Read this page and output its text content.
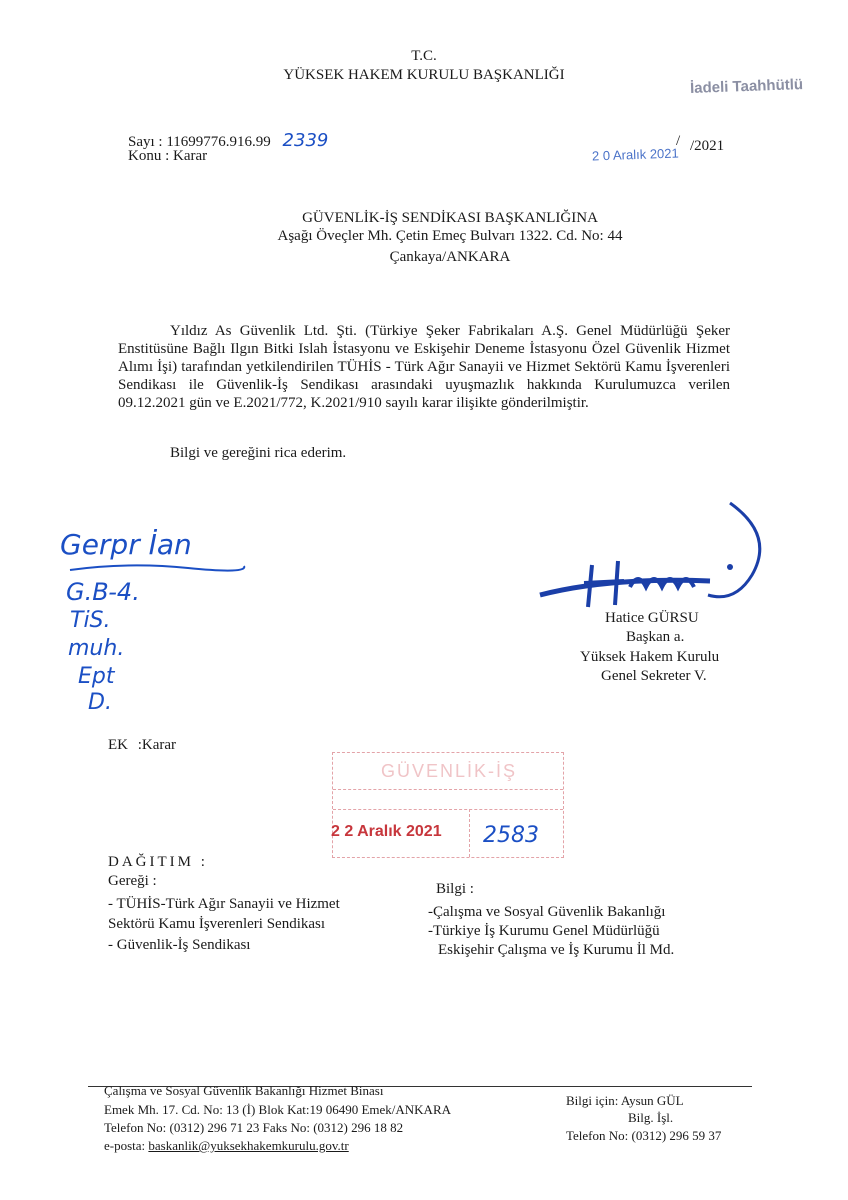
T.C.
YÜKSEK HAKEM KURULU BAŞKANLIĞI
İadeli Taahhütlü
Sayı : 11699776.916.99 2339
Konu : Karar	2 0 Aralık 2021
/ /2021
GÜVENLİK-İŞ SENDİKASI BAŞKANLIĞINA
Aşağı Öveçler Mh. Çetin Emeç Bulvarı 1322. Cd. No: 44
Çankaya/ANKARA
Yıldız As Güvenlik Ltd. Şti. (Türkiye Şeker Fabrikaları A.Ş. Genel Müdürlüğü Şeker Enstitüsüne Bağlı Ilgın Bitki Islah İstasyonu ve Eskişehir Deneme İstasyonu Özel Güvenlik Hizmet Alımı İşi) tarafından yetkilendirilen TÜHİS - Türk Ağır Sanayii ve Hizmet Sektörü Kamu İşverenleri Sendikası ile Güvenlik-İş Sendikası arasındaki uyuşmazlık hakkında Kurulumuzca verilen 09.12.2021 gün ve E.2021/772, K.2021/910 sayılı karar ilişikte gönderilmiştir.
Bilgi ve gereğini rica ederim.
Gerpr İan
G.B-4.
TiS.
muh.
Ept
D.
Hatice GÜRSU
Başkan a.
Yüksek Hakem Kurulu
Genel Sekreter V.
EK :Karar
GÜVENLİK-İŞ
2 2 Aralık 2021 2583
DAĞITIM :
Gereği :
- TÜHİS-Türk Ağır Sanayii ve Hizmet
Sektörü Kamu İşverenleri Sendikası
- Güvenlik-İş Sendikası
Bilgi :
-Çalışma ve Sosyal Güvenlik Bakanlığı
-Türkiye İş Kurumu Genel Müdürlüğü
Eskişehir Çalışma ve İş Kurumu İl Md.
Çalışma ve Sosyal Güvenlik Bakanlığı Hizmet Binası
Emek Mh. 17. Cd. No: 13 (İ) Blok Kat:19 06490 Emek/ANKARA
Telefon No: (0312) 296 71 23 Faks No: (0312) 296 18 82
e-posta: baskanlik@yuksekhakemkurulu.gov.tr
Bilgi için: Aysun GÜL
Bilg. İşl.
Telefon No: (0312) 296 59 37
